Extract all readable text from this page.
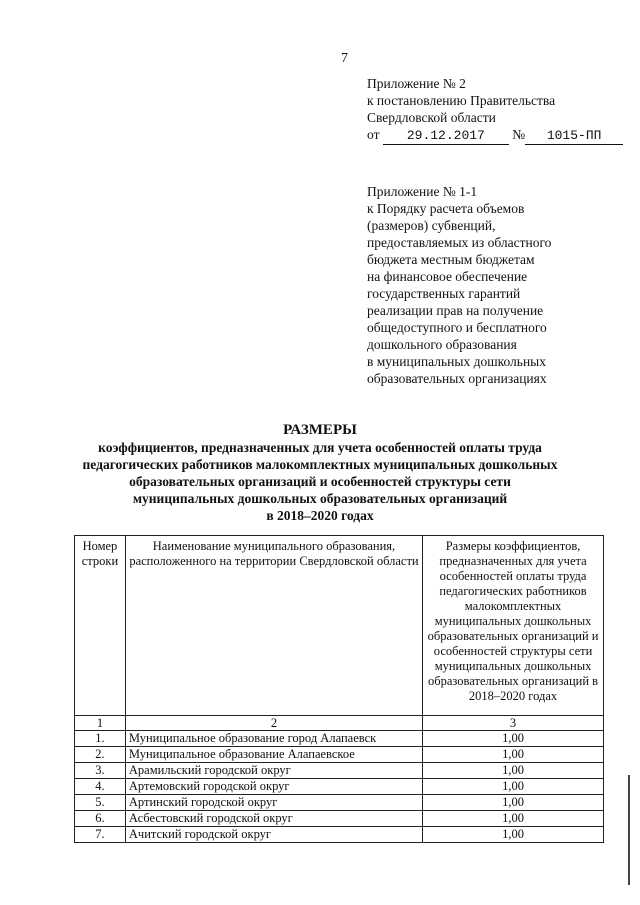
7
Приложение № 2
к постановлению Правительства
Свердловской области
от 29.12.2017 № 1015-ПП
Приложение № 1-1
к Порядку расчета объемов
(размеров) субвенций,
предоставляемых из областного
бюджета местным бюджетам
на финансовое обеспечение
государственных гарантий
реализации прав на получение
общедоступного и бесплатного
дошкольного образования
в муниципальных дошкольных
образовательных организациях
РАЗМЕРЫ
коэффициентов, предназначенных для учета особенностей оплаты труда
педагогических работников малокомплектных муниципальных дошкольных
образовательных организаций и особенностей структуры сети
муниципальных дошкольных образовательных организаций
в 2018–2020 годах
Номер строки	Наименование муниципального образования, расположенного на территории Свердловской области	Размеры коэффициентов, предназначенных для учета особенностей оплаты труда педагогических работников малокомплектных муниципальных дошкольных образовательных организаций и особенностей структуры сети муниципальных дошкольных образовательных организаций в 2018–2020 годах
1	2	3
1.	Муниципальное образование город Алапаевск	1,00
2.	Муниципальное образование Алапаевское	1,00
3.	Арамильский городской округ	1,00
4.	Артемовский городской округ	1,00
5.	Артинский городской округ	1,00
6.	Асбестовский городской округ	1,00
7.	Ачитский городской округ	1,00
